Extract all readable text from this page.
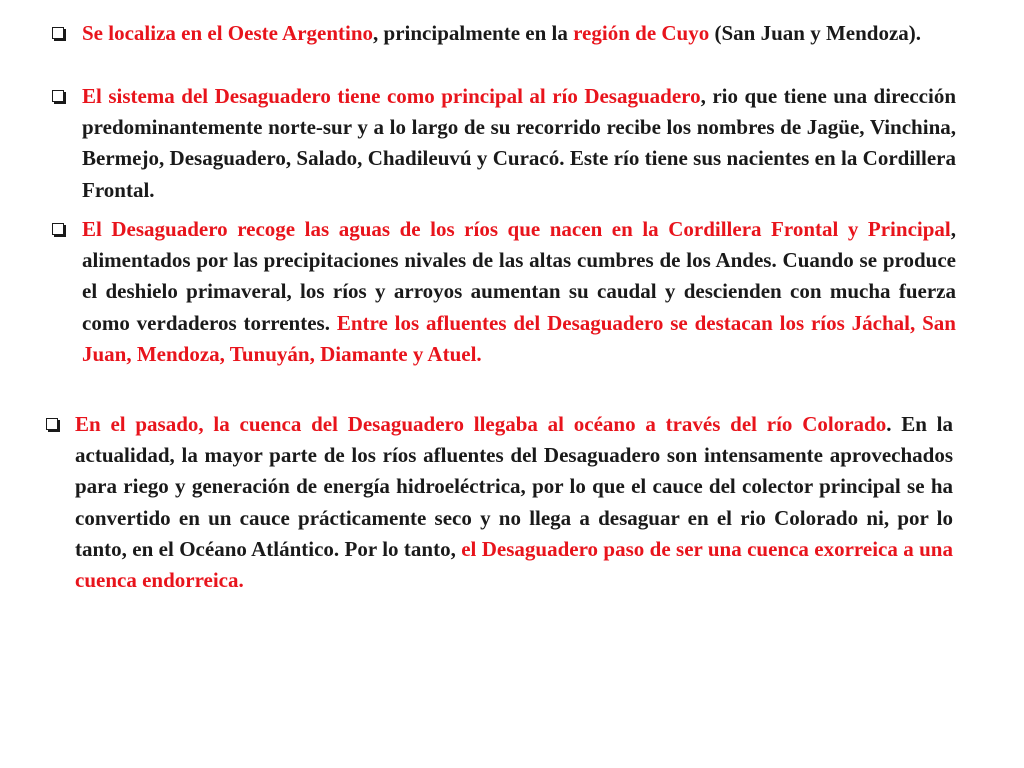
Se localiza en el Oeste Argentino, principalmente en la región de Cuyo (San Juan y Mendoza).
El sistema del Desaguadero tiene como principal al río Desaguadero, rio que tiene una dirección predominantemente norte-sur y a lo largo de su recorrido recibe los nombres de Jagüe, Vinchina, Bermejo, Desaguadero, Salado, Chadileuvú y Curacó. Este río tiene sus nacientes en la Cordillera Frontal.
El Desaguadero recoge las aguas de los ríos que nacen en la Cordillera Frontal y Principal, alimentados por las precipitaciones nivales de las altas cumbres de los Andes. Cuando se produce el deshielo primaveral, los ríos y arroyos aumentan su caudal y descienden con mucha fuerza como verdaderos torrentes. Entre los afluentes del Desaguadero se destacan los ríos Jáchal, San Juan, Mendoza, Tunuyán, Diamante y Atuel.
En el pasado, la cuenca del Desaguadero llegaba al océano a través del río Colorado. En la actualidad, la mayor parte de los ríos afluentes del Desaguadero son intensamente aprovechados para riego y generación de energía hidroeléctrica, por lo que el cauce del colector principal se ha convertido en un cauce prácticamente seco y no llega a desaguar en el rio Colorado ni, por lo tanto, en el Océano Atlántico. Por lo tanto, el Desaguadero paso de ser una cuenca exorreica a una cuenca endorreica.
